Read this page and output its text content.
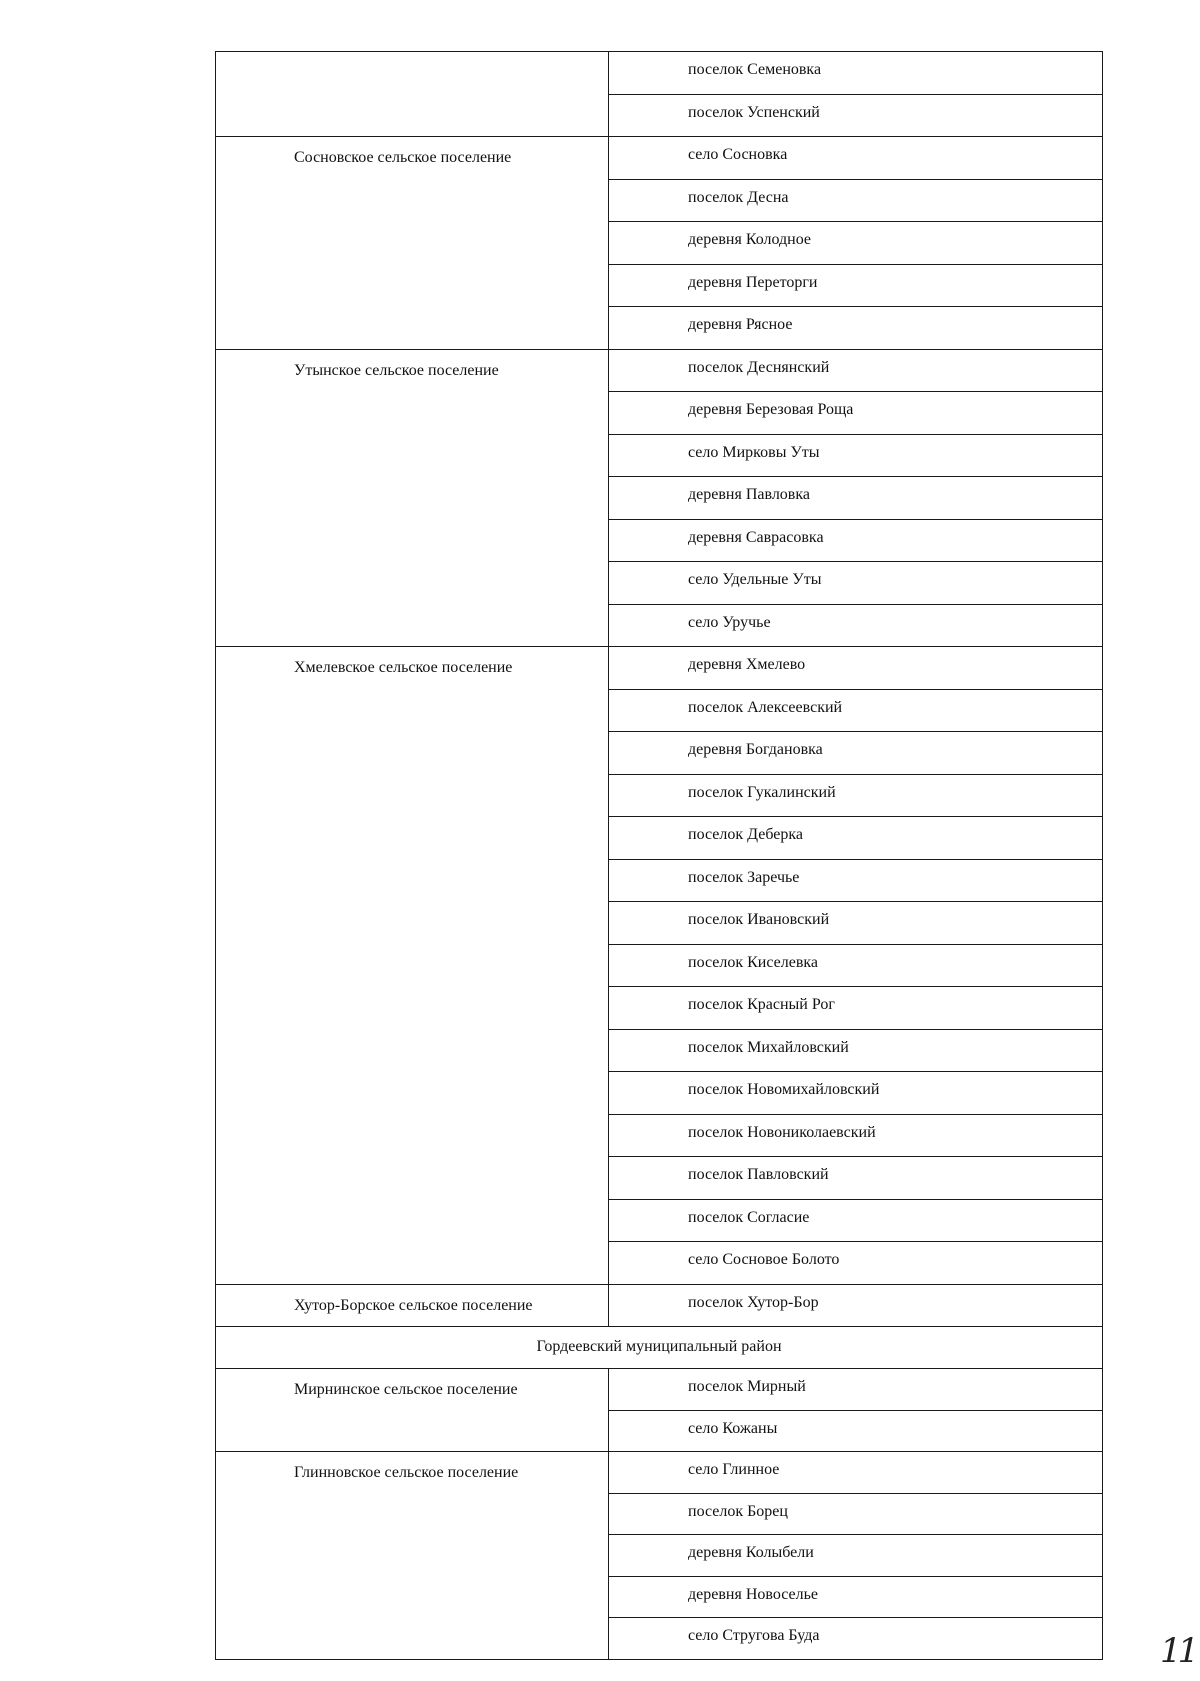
	поселок Семеновка
	поселок Успенский
Сосновское сельское поселение	село Сосновка
	поселок Десна
	деревня Колодное
	деревня Переторги
	деревня Рясное
Утынское сельское поселение	поселок Деснянский
	деревня Березовая Роща
	село Мирковы Уты
	деревня Павловка
	деревня Саврасовка
	село Удельные Уты
	село Уручье
Хмелевское сельское поселение	деревня Хмелево
	поселок Алексеевский
	деревня Богдановка
	поселок Гукалинский
	поселок Деберка
	поселок Заречье
	поселок Ивановский
	поселок Киселевка
	поселок Красный Рог
	поселок Михайловский
	поселок Новомихайловский
	поселок Новониколаевский
	поселок Павловский
	поселок Согласие
	село Сосновое Болото
Хутор-Борское сельское поселение	поселок Хутор-Бор
Гордеевский муниципальный район	
Мирнинское сельское поселение	поселок Мирный
	село Кожаны
Глинновское сельское поселение	село Глинное
	поселок Борец
	деревня Колыбели
	деревня Новоселье
	село Стругова Буда	11
